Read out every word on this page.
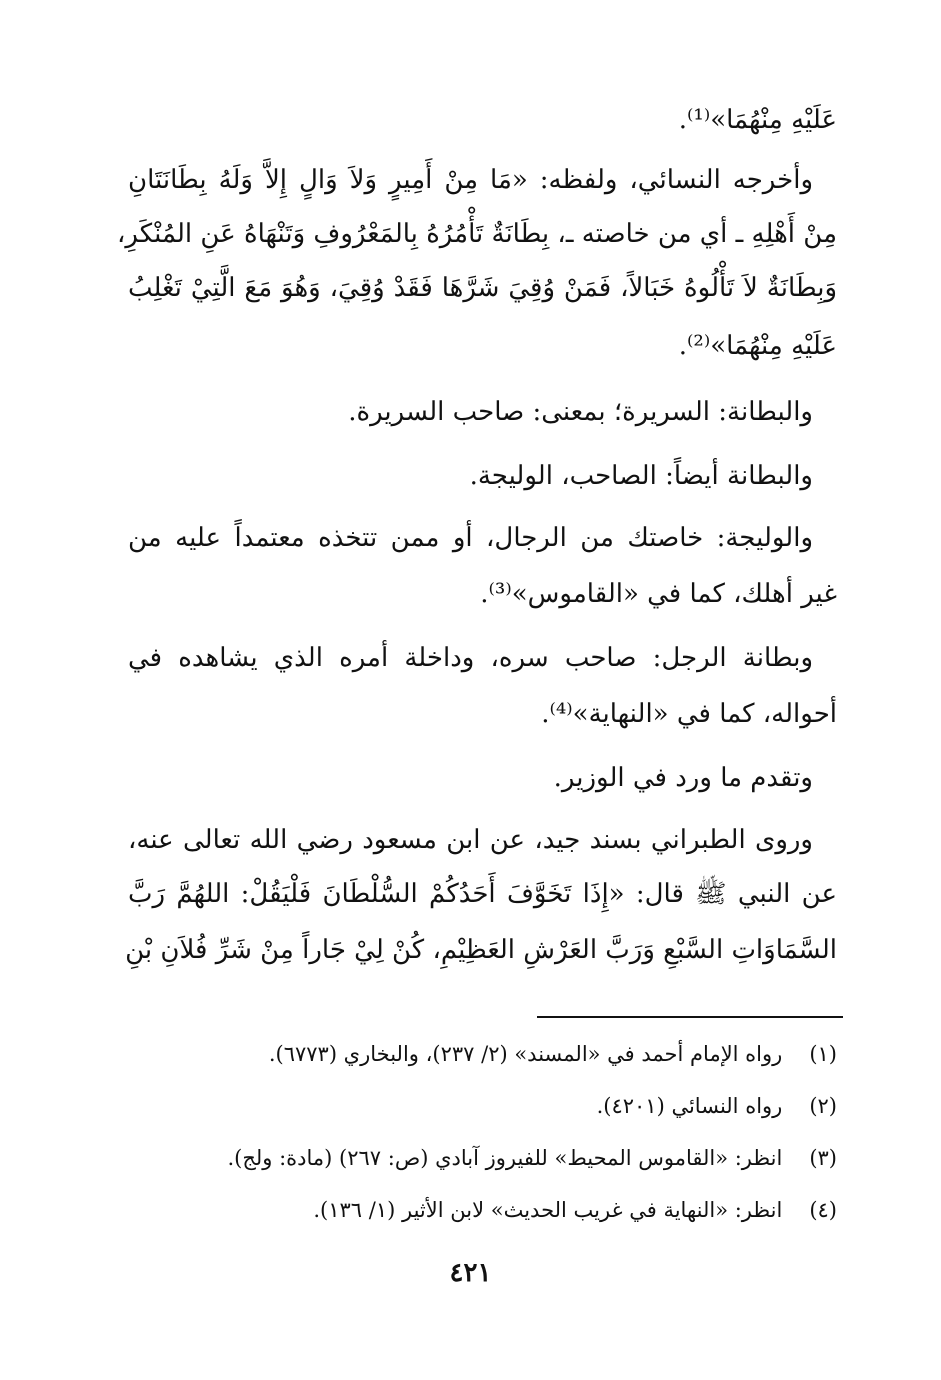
عَلَيْهِ مِنْهُمَا»⁽¹⁾.
وأخرجه النسائي، ولفظه: «مَا مِنْ أَمِيرٍ وَلاَ وَالٍ إِلاَّ وَلَهُ بِطَانَتَانِ
مِنْ أَهْلِهِ ـ أي من خاصته ـ، بِطَانَةٌ تَأْمُرُهُ بِالمَعْرُوفِ وَتَنْهَاهُ عَنِ المُنْكَرِ،
وَبِطَانَةٌ لاَ تَأْلُوهُ خَبَالاً، فَمَنْ وُقِيَ شَرَّهَا فَقَدْ وُقِيَ، وَهُوَ مَعَ الَّتِيْ تَغْلِبُ
عَلَيْهِ مِنْهُمَا»⁽²⁾.
والبطانة: السريرة؛ بمعنى: صاحب السريرة.
والبطانة أيضاً: الصاحب، الوليجة.
والوليجة: خاصتك من الرجال، أو ممن تتخذه معتمداً عليه من
غير أهلك، كما في «القاموس»⁽³⁾.
وبطانة الرجل: صاحب سره، وداخلة أمره الذي يشاهده في
أحواله، كما في «النهاية»⁽⁴⁾.
وتقدم ما ورد في الوزير.
وروى الطبراني بسند جيد، عن ابن مسعود رضي الله تعالى عنه،
عن النبي ﷺ قال: «إِذَا تَخَوَّفَ أَحَدُكُمْ السُّلْطَانَ فَلْيَقُلْ: اللهُمَّ رَبَّ
السَّمَاوَاتِ السَّبْعِ وَرَبَّ العَرْشِ العَظِيْمِ، كُنْ لِيْ جَاراً مِنْ شَرِّ فُلاَنِ بْنِ
(١) رواه الإمام أحمد في «المسند» (٢/ ٢٣٧)، والبخاري (٦٧٧٣).
(٢) رواه النسائي (٤٢٠١).
(٣) انظر: «القاموس المحيط» للفيروز آبادي (ص: ٢٦٧) (مادة: ولج).
(٤) انظر: «النهاية في غريب الحديث» لابن الأثير (١/ ١٣٦).
٤٢١
